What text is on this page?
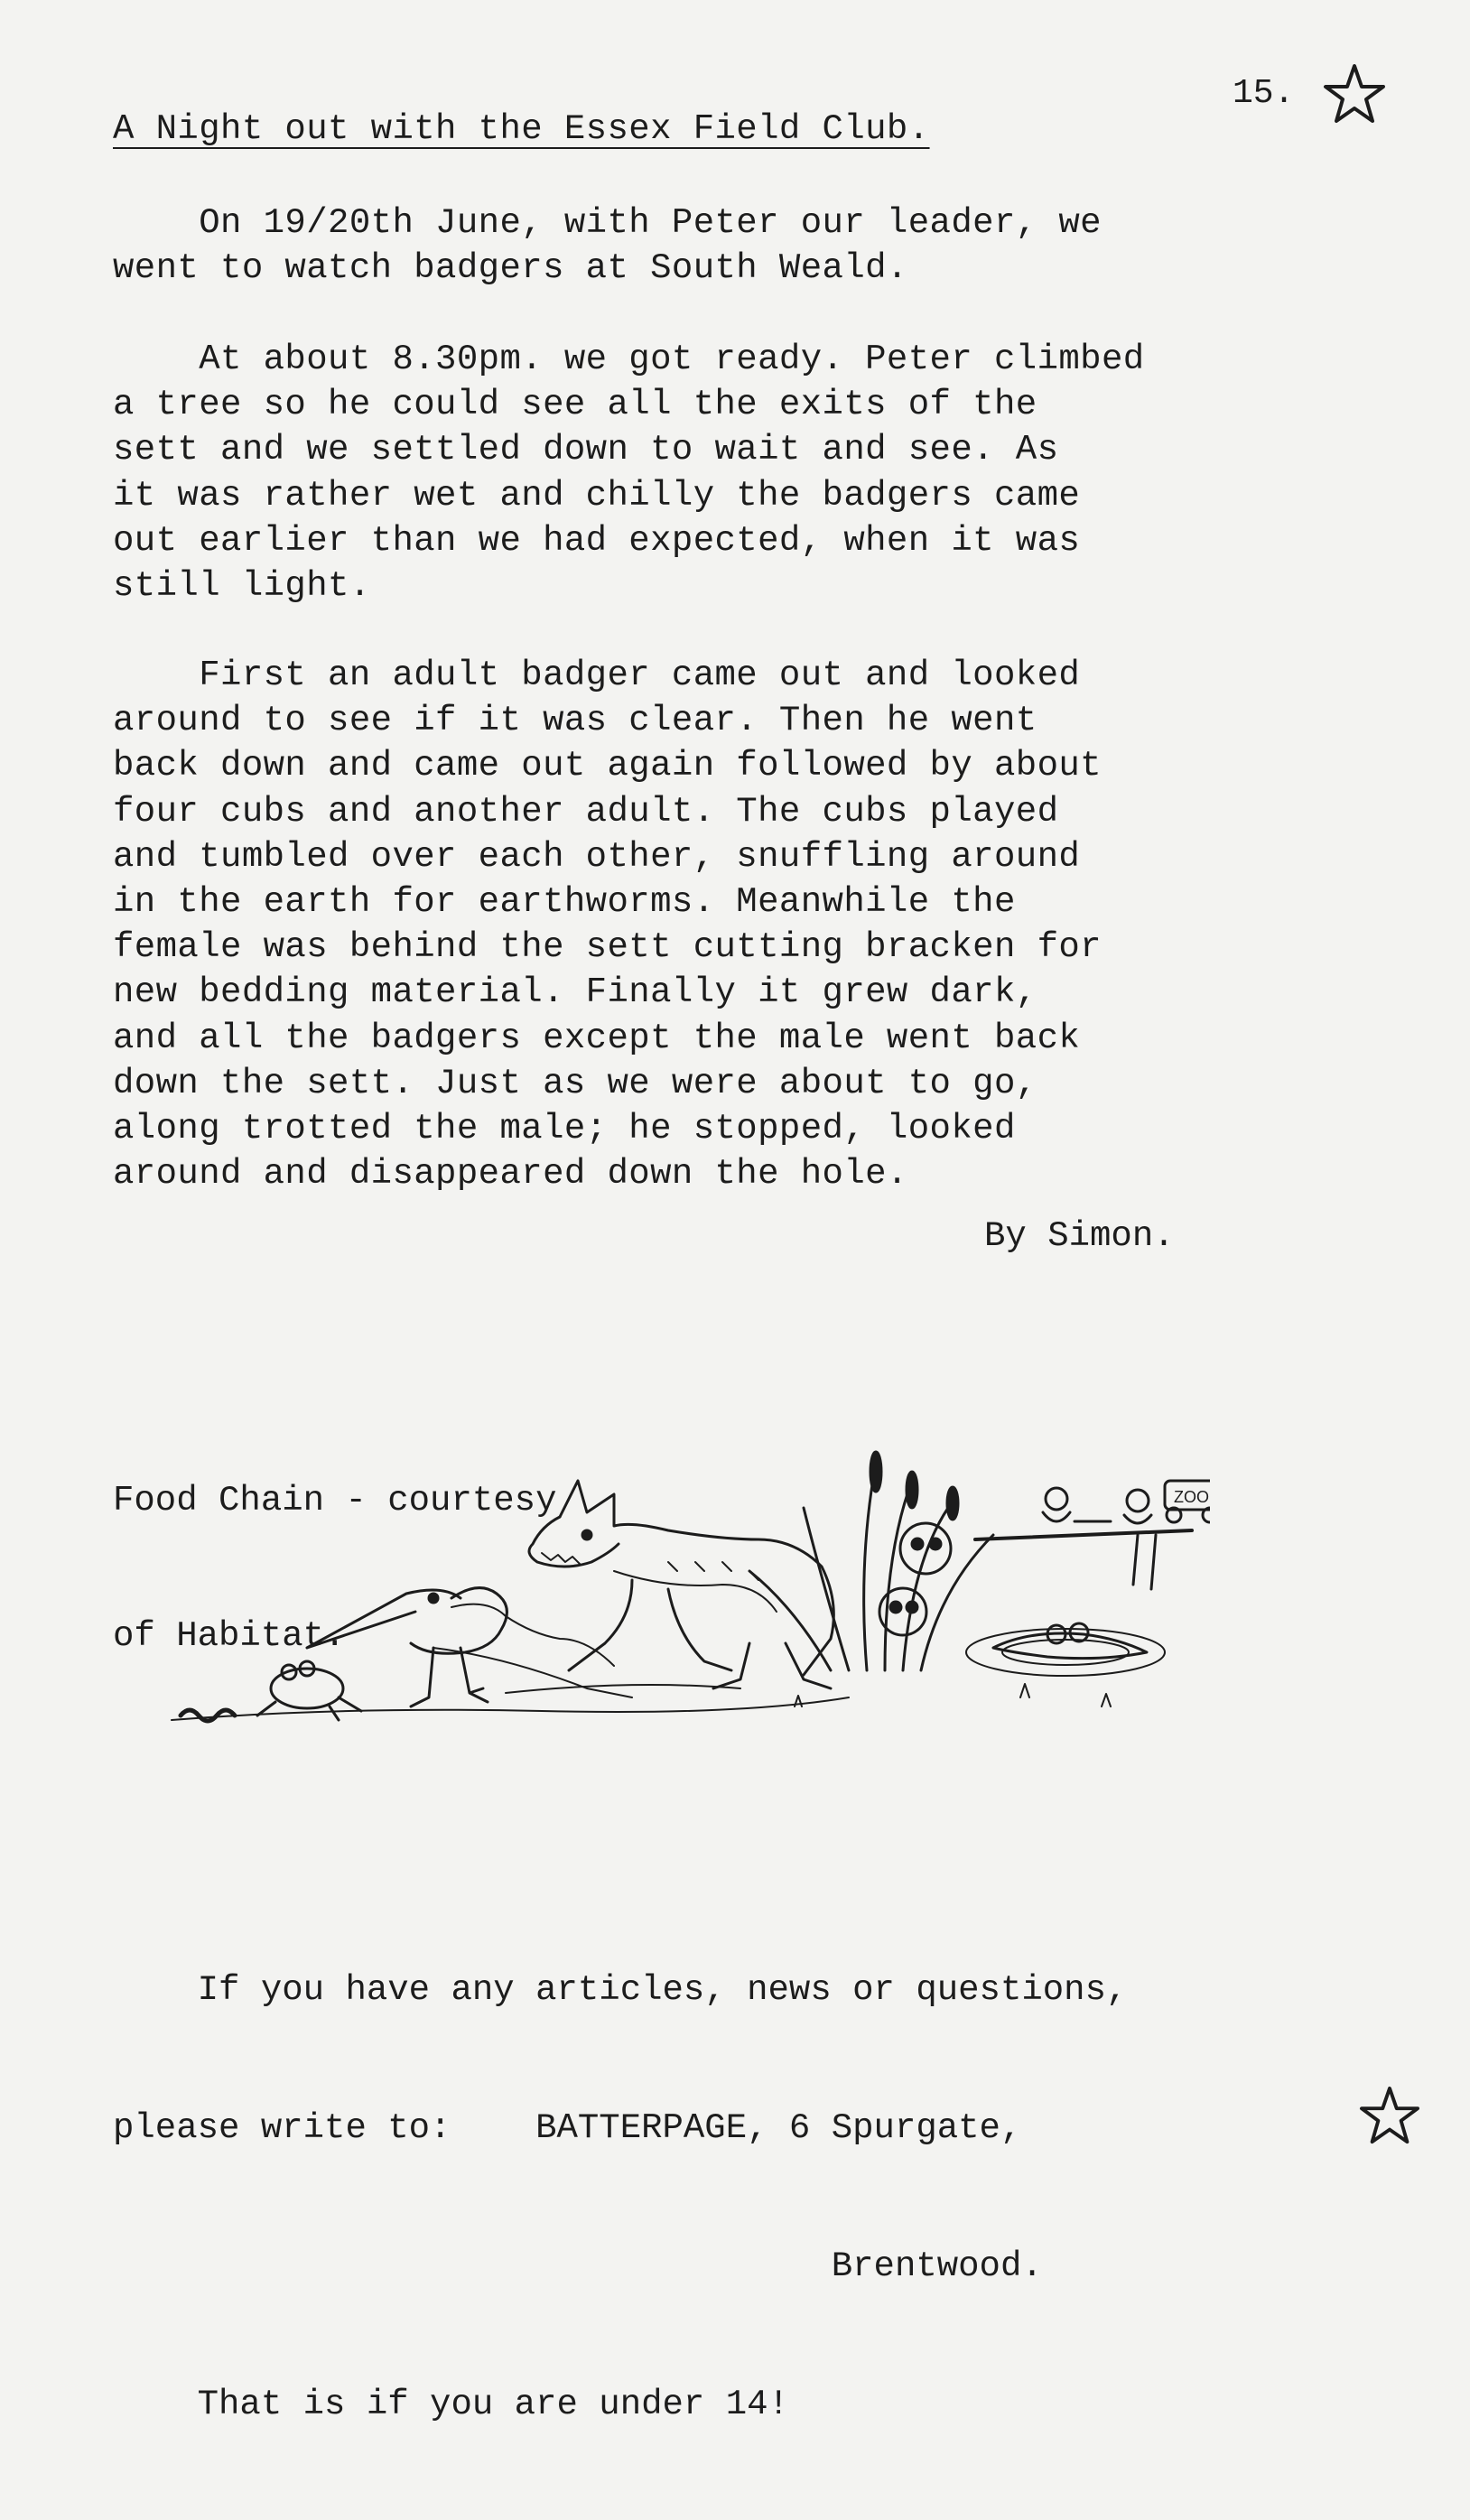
15.
A Night out with the Essex Field Club.
On 19/20th June, with Peter our leader, we
went to watch badgers at South Weald.
At about 8.30pm. we got ready. Peter climbed
a tree so he could see all the exits of the
sett and we settled down to wait and see. As
it was rather wet and chilly the badgers came
out earlier than we had expected, when it was
still light.
First an adult badger came out and looked
around to see if it was clear. Then he went
back down and came out again followed by about
four cubs and another adult. The cubs played
and tumbled over each other, snuffling around
in the earth for earthworms. Meanwhile the
female was behind the sett cutting bracken for
new bedding material. Finally it grew dark,
and all the badgers except the male went back
down the sett. Just as we were about to go,
along trotted the male; he stopped, looked
around and disappeared down the hole.
By Simon.

Food Chain - courtesy

of Habitat.

ZOO

If you have any articles, news or questions,

please write to:    BATTERPAGE, 6 Spurgate,

Brentwood.

That is if you are under 14!
